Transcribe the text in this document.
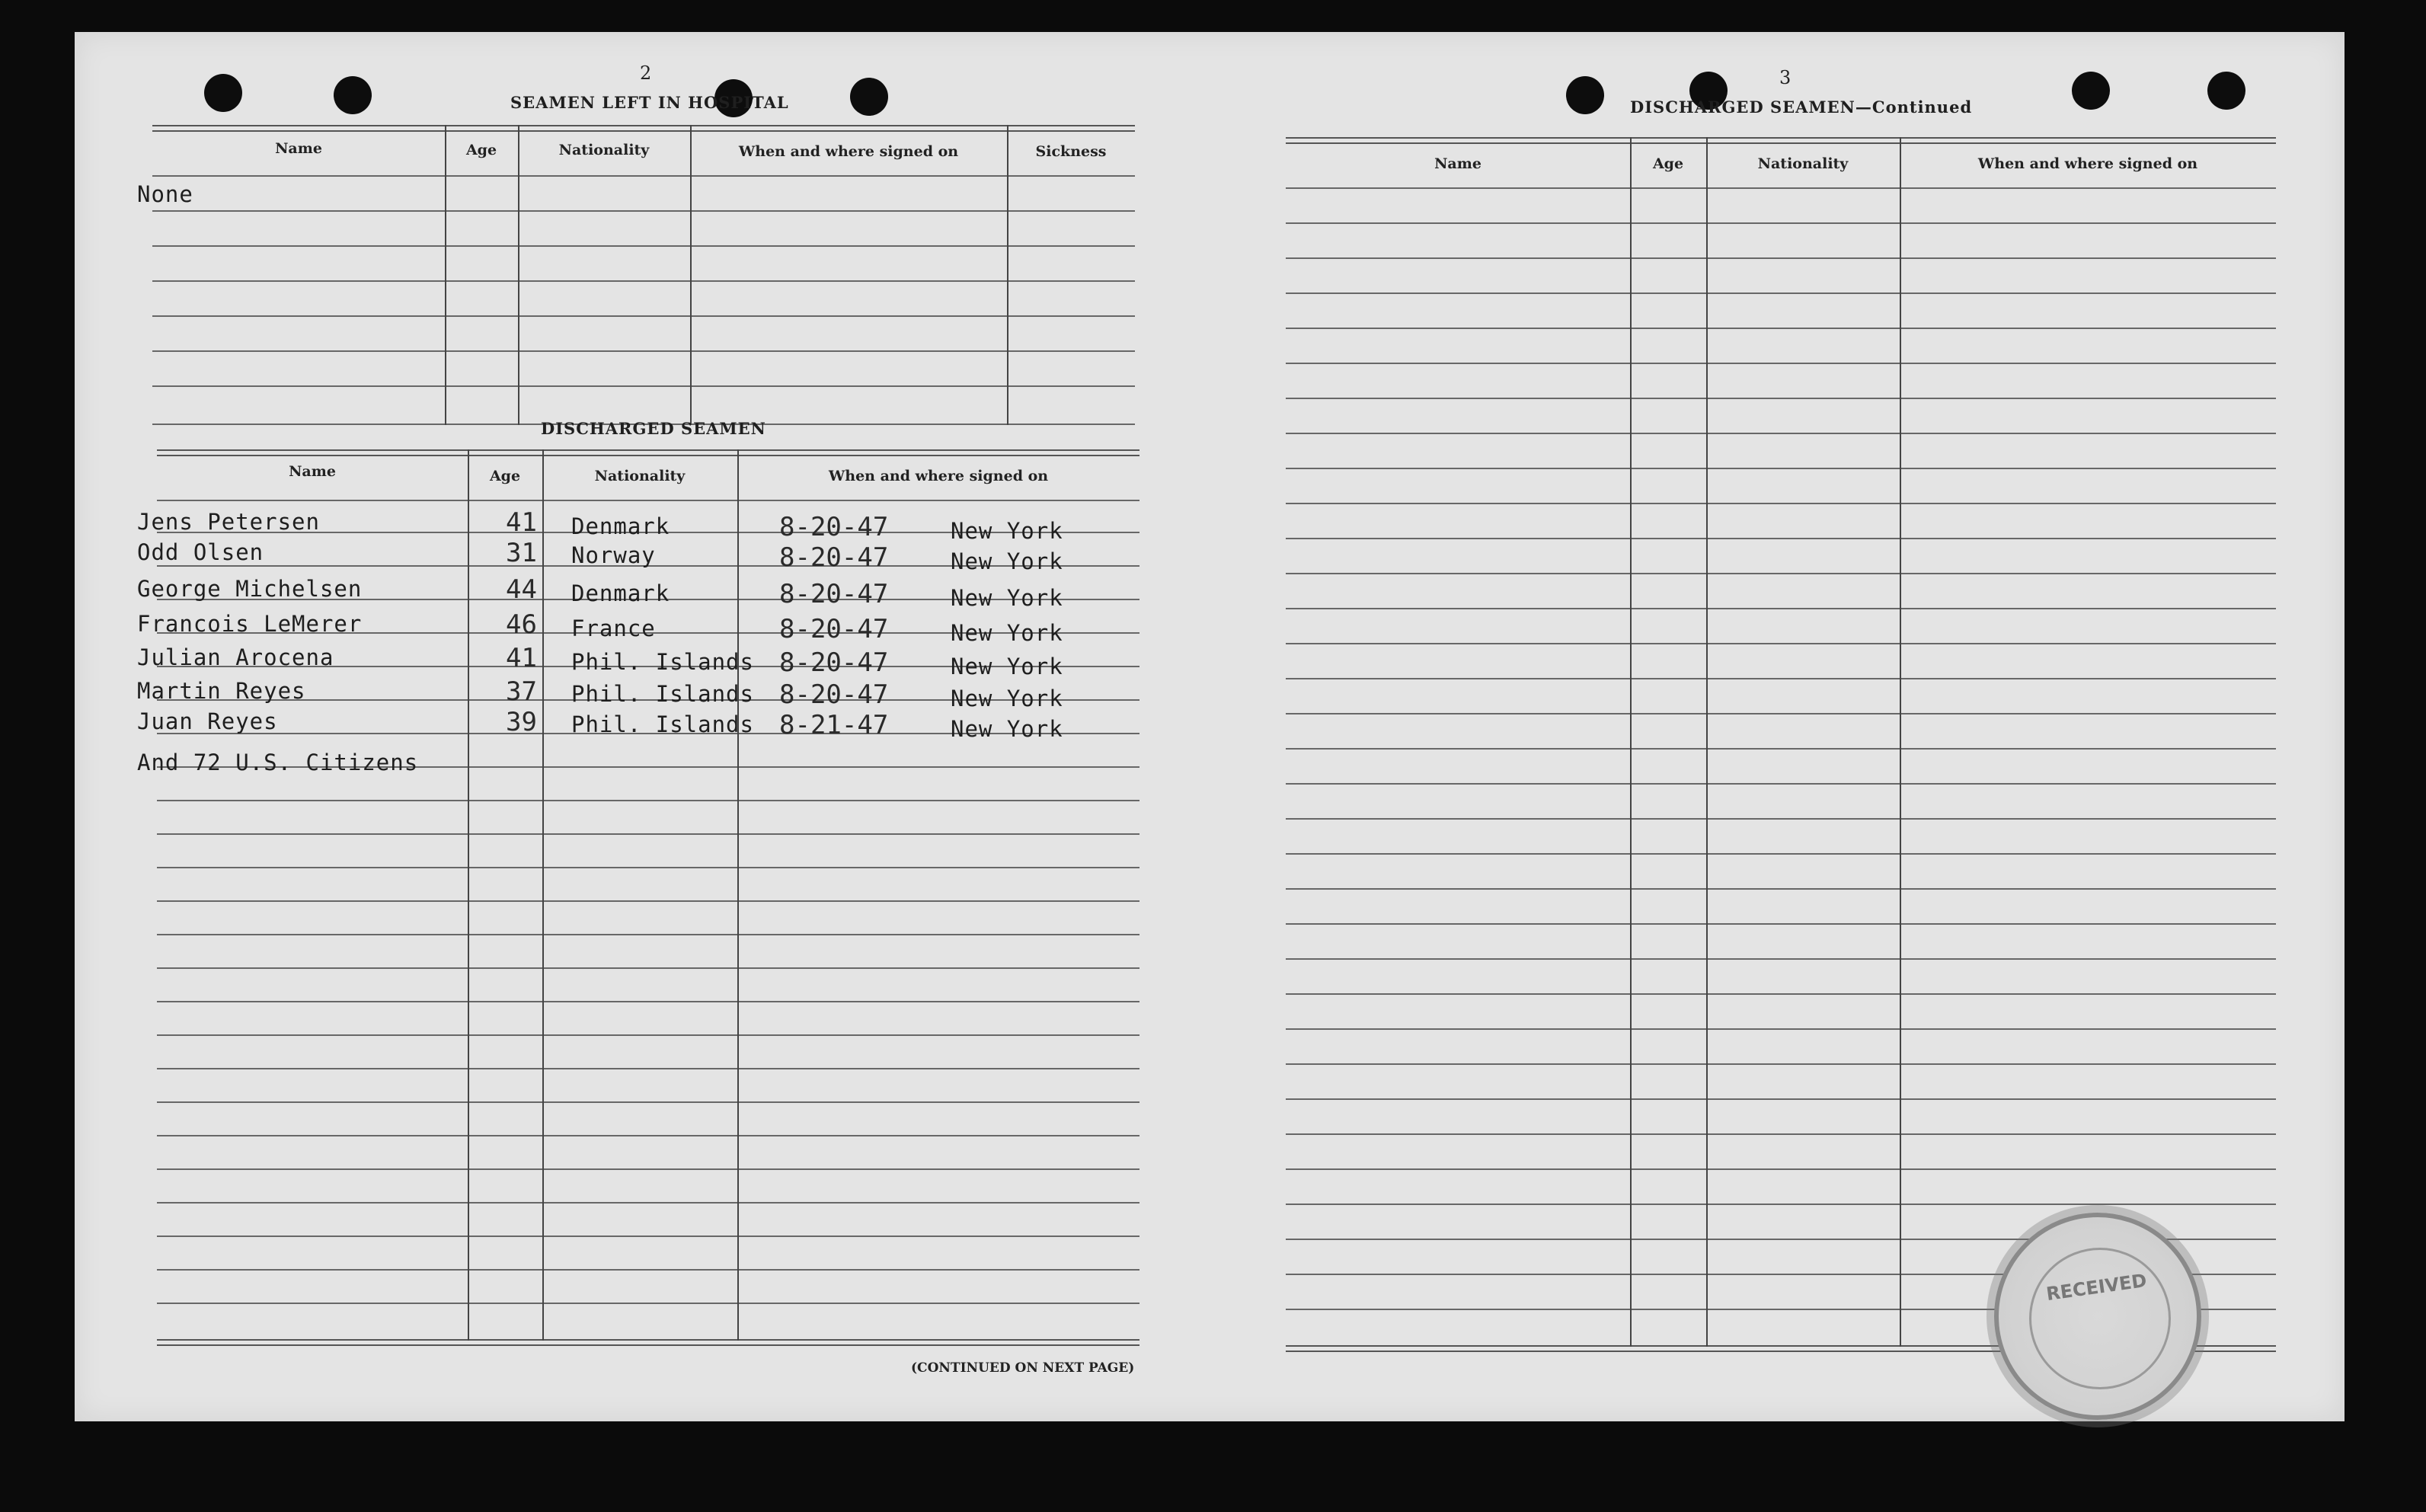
2
SEAMEN LEFT IN HOSPITAL
Name	Age	Nationality	When and where signed on	Sickness
None
DISCHARGED SEAMEN
Name	Age	Nationality	When and where signed on
Jens Petersen	41 Denmark	8-20-47	New York
Odd Olsen	31 Norway	8-20-47	New York
George Michelsen	44 Denmark	8-20-47	New York
Francois LeMerer	46 France	8-20-47	New York
Julian Arocena	41 Phil. Islands 8-20-47	New York
Martin Reyes	37 Phil. Islands 8-20-47	New York
Juan Reyes	39 Phil. Islands 8-21-47	New York
And 72 U.S. Citizens
(CONTINUED ON NEXT PAGE)
3
DISCHARGED SEAMEN—Continued
Name	Age	Nationality	When and where signed on
RECEIVED
